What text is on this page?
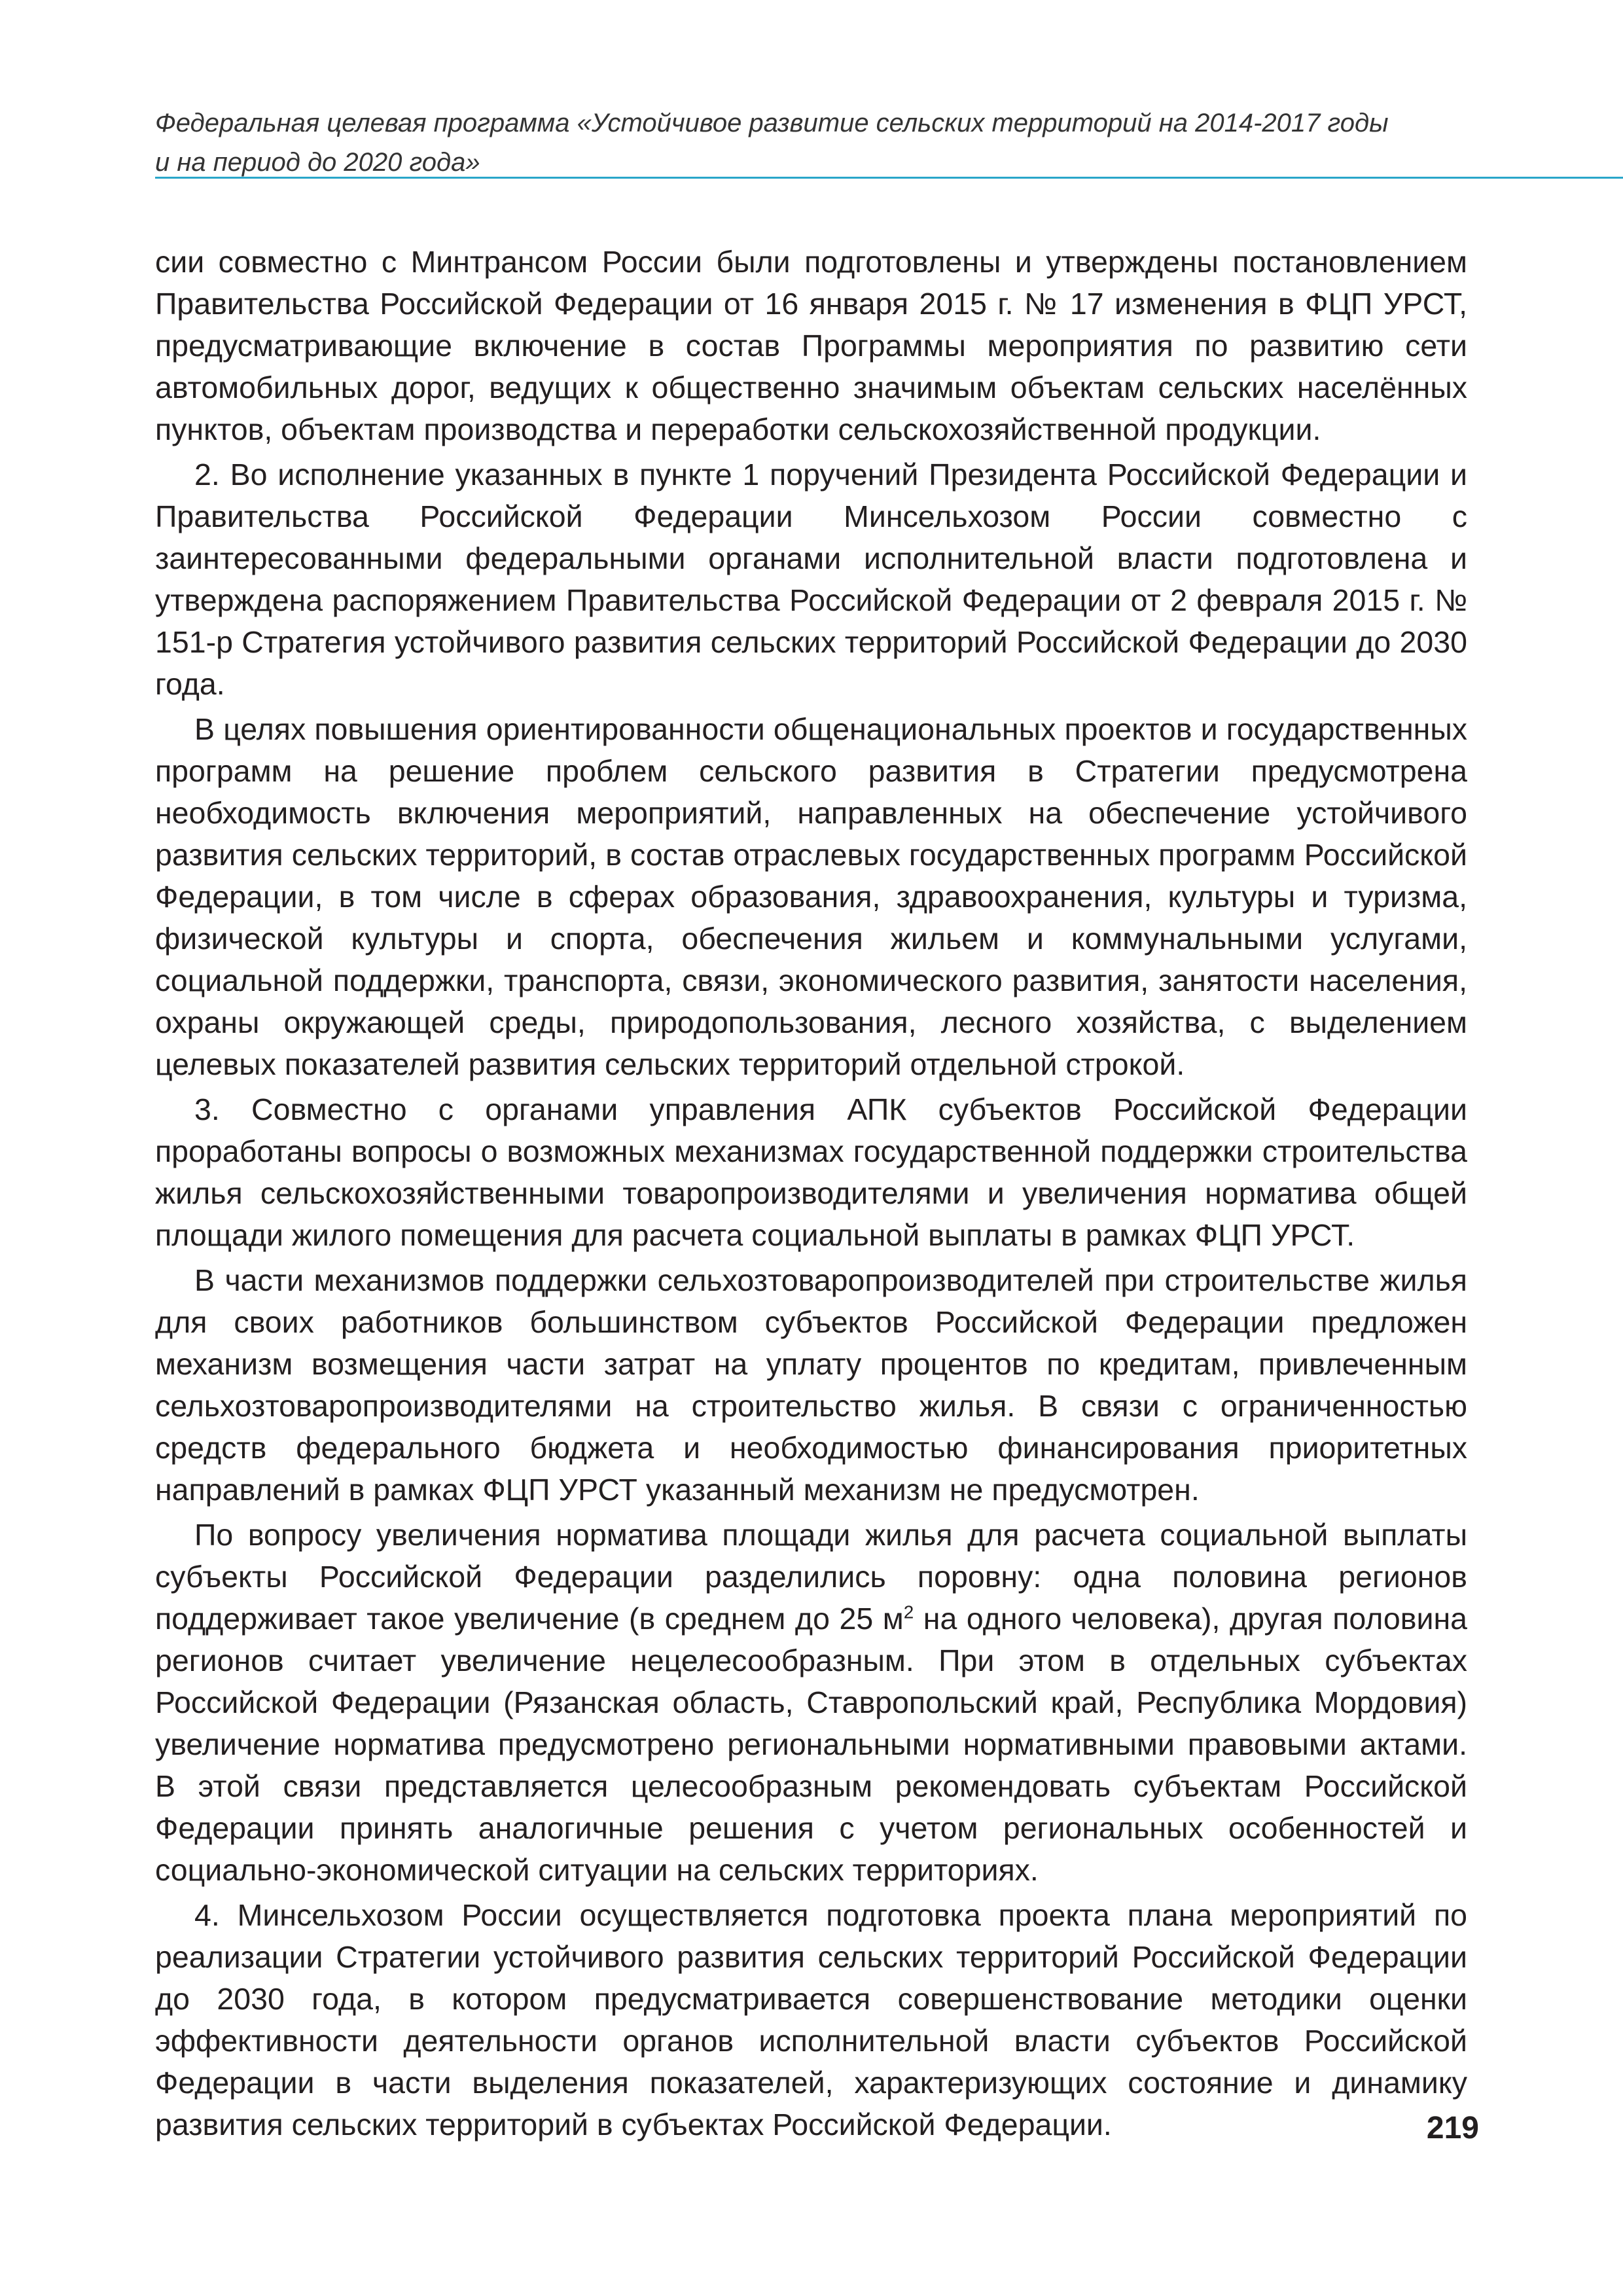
Федеральная целевая программа «Устойчивое развитие сельских территорий на 2014-2017 годы
и на период до 2020 года»

сии совместно с Минтрансом России были подготовлены и утверждены постановлением Правительства Российской Федерации от 16 января 2015 г. № 17 изменения в ФЦП УРСТ, предусматривающие включение в состав Программы мероприятия по развитию сети автомобильных дорог, ведущих к общественно значимым объектам сельских населённых пунктов, объектам производства и переработки сельскохозяйственной продукции.

2. Во исполнение указанных в пункте 1 поручений Президента Российской Федерации и Правительства Российской Федерации Минсельхозом России совместно с заинтересованными федеральными органами исполнительной власти подготовлена и утверждена распоряжением Правительства Российской Федерации от 2 февраля 2015 г. № 151-р Стратегия устойчивого развития сельских территорий Российской Федерации до 2030 года.

В целях повышения ориентированности общенациональных проектов и государственных программ на решение проблем сельского развития в Стратегии предусмотрена необходимость включения мероприятий, направленных на обеспечение устойчивого развития сельских территорий, в состав отраслевых государственных программ Российской Федерации, в том числе в сферах образования, здравоохранения, культуры и туризма, физической культуры и спорта, обеспечения жильем и коммунальными услугами, социальной поддержки, транспорта, связи, экономического развития, занятости населения, охраны окружающей среды, природопользования, лесного хозяйства, с выделением целевых показателей развития сельских территорий отдельной строкой.

3. Совместно с органами управления АПК субъектов Российской Федерации проработаны вопросы о возможных механизмах государственной поддержки строительства жилья сельскохозяйственными товаропроизводителями и увеличения норматива общей площади жилого помещения для расчета социальной выплаты в рамках ФЦП УРСТ.

В части механизмов поддержки сельхозтоваропроизводителей при строительстве жилья для своих работников большинством субъектов Российской Федерации предложен механизм возмещения части затрат на уплату процентов по кредитам, привлеченным сельхозтоваропроизводителями на строительство жилья. В связи с ограниченностью средств федерального бюджета и необходимостью финансирования приоритетных направлений в рамках ФЦП УРСТ указанный механизм не предусмотрен.

По вопросу увеличения норматива площади жилья для расчета социальной выплаты субъекты Российской Федерации разделились поровну: одна половина регионов поддерживает такое увеличение (в среднем до 25 $м^2$ на одного человека), другая половина регионов считает увеличение нецелесообразным. При этом в отдельных субъектах Российской Федерации (Рязанская область, Ставропольский край, Республика Мордовия) увеличение норматива предусмотрено региональными нормативными правовыми актами. В этой связи представляется целесообразным рекомендовать субъектам Российской Федерации принять аналогичные решения с учетом региональных особенностей и социально-экономической ситуации на сельских территориях.

4. Минсельхозом России осуществляется подготовка проекта плана мероприятий по реализации Стратегии устойчивого развития сельских территорий Российской Федерации до 2030 года, в котором предусматривается совершенствование методики оценки эффективности деятельности органов исполнительной власти субъектов Российской Федерации в части выделения показателей, характеризующих состояние и динамику развития сельских территорий в субъектах Российской Федерации.	219
